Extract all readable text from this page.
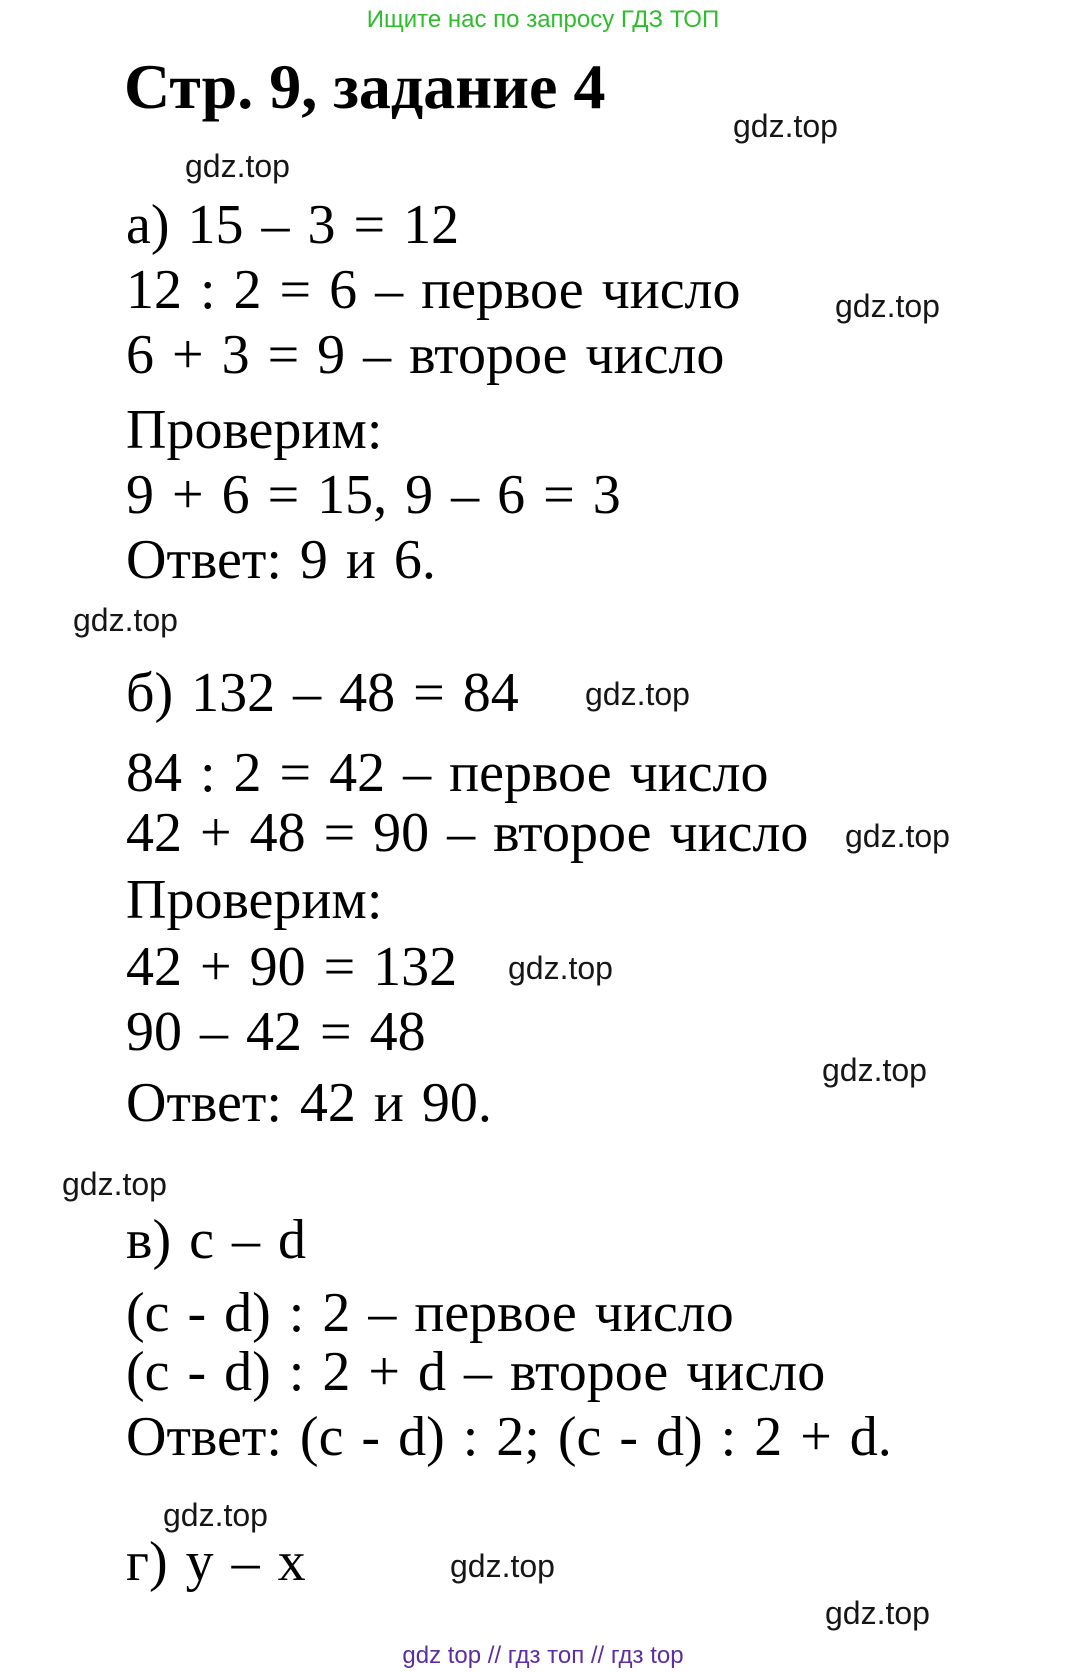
Ищите нас по запросу ГДЗ ТОП
Стр. 9, задание 4
gdz.top
gdz.top
gdz.top
gdz.top
gdz.top
gdz.top
gdz.top
gdz.top
gdz.top
gdz.top
gdz.top
gdz.top
а) 15 – 3 = 12
12 : 2 = 6 – первое число
6 + 3 = 9 – второе число
Проверим:
9 + 6 = 15, 9 – 6 = 3
Ответ: 9 и 6.
б) 132 – 48 = 84
84 : 2 = 42 – первое число
42 + 48 = 90 – второе число
Проверим:
42 + 90 = 132
90 – 42 = 48
Ответ: 42 и 90.
в) c – d
(c - d) : 2 – первое число
(c - d) : 2 + d – второе число
Ответ: (c - d) : 2; (c - d) : 2 + d.
г) y – x
gdz top // гдз топ // гдз top
